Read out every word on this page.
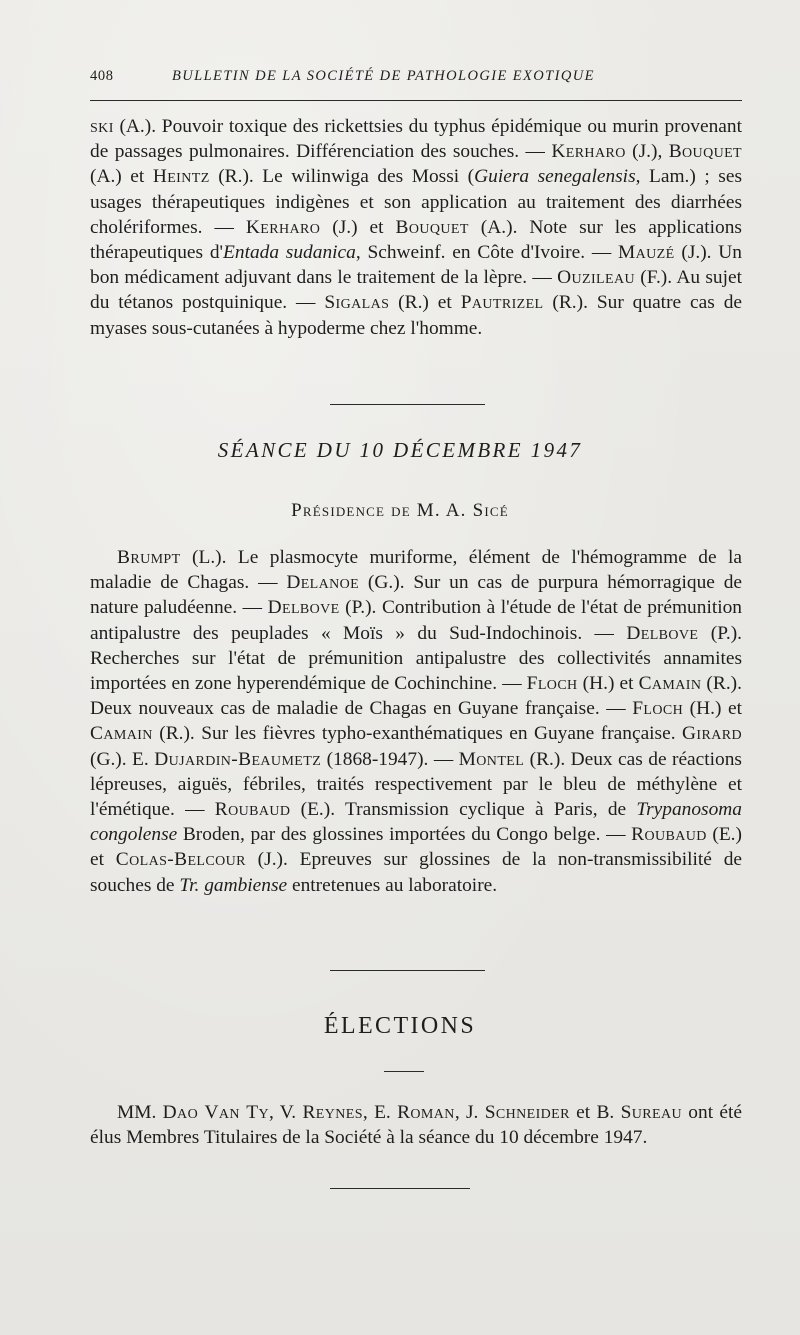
408	BULLETIN DE LA SOCIÉTÉ DE PATHOLOGIE EXOTIQUE

ski (A.). Pouvoir toxique des rickettsies du typhus épidémique ou murin provenant de passages pulmonaires. Différenciation des souches. — Kerharo (J.), Bouquet (A.) et Heintz (R.). Le wilinwiga des Mossi (Guiera senegalensis, Lam.) ; ses usages thérapeutiques indigènes et son application au traitement des diarrhées cholériformes. — Kerharo (J.) et Bouquet (A.). Note sur les applications thérapeutiques d'Entada sudanica, Schweinf. en Côte d'Ivoire. — Mauzé (J.). Un bon médicament adjuvant dans le traitement de la lèpre. — Ouzileau (F.). Au sujet du tétanos postquinique. — Sigalas (R.) et Pautrizel (R.). Sur quatre cas de myases sous-cutanées à hypoderme chez l'homme.

SÉANCE DU 10 DÉCEMBRE 1947
Présidence de M. A. Sicé

Brumpt (L.). Le plasmocyte muriforme, élément de l'hémogramme de la maladie de Chagas. — Delanoe (G.). Sur un cas de purpura hémorragique de nature paludéenne. — Delbove (P.). Contribution à l'étude de l'état de prémunition antipalustre des peuplades « Moïs » du Sud-Indochinois. — Delbove (P.). Recherches sur l'état de prémunition antipalustre des collectivités annamites importées en zone hyperendémique de Cochinchine. — Floch (H.) et Camain (R.). Deux nouveaux cas de maladie de Chagas en Guyane française. — Floch (H.) et Camain (R.). Sur les fièvres typho-exanthématiques en Guyane française. Girard (G.). E. Dujardin-Beaumetz (1868-1947). — Montel (R.). Deux cas de réactions lépreuses, aiguës, fébriles, traités respectivement par le bleu de méthylène et l'émétique. — Roubaud (E.). Transmission cyclique à Paris, de Trypanosoma congolense Broden, par des glossines importées du Congo belge. — Roubaud (E.) et Colas-Belcour (J.). Epreuves sur glossines de la non-transmissibilité de souches de Tr. gambiense entretenues au laboratoire.

ÉLECTIONS

MM. Dao Van Ty, V. Reynes, E. Roman, J. Schneider et B. Sureau ont été élus Membres Titulaires de la Société à la séance du 10 décembre 1947.
